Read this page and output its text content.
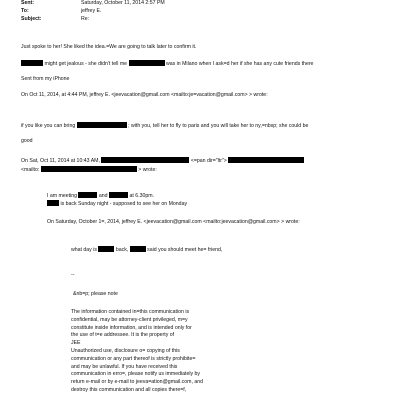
Sent:	Saturday, October 11, 2014 2:57 PM
To:	jeffrey E.
Subject:	Re:
Just spoke to her! She liked the idea.=We are going to talk later to confirm it.
might get jealous - she didn't tell me	was in Milano when I ask=d her if she has any cute friends there
Sent from my iPhone
On Oct 11, 2014, at 4:44 PM, jeffrey E. <jeevacation@gmail.com <mailto:je=vacation@gmail.com> > wrote:
if you like you can bring	; with you, tell her to fly to paris and you will take her to ny,=nbsp; she could be
good
On Sat, Oct 11, 2014 at 10:43 AM,	<=pan dir="ltr">
<mailto:	> wrote:
I am meeting	and	at 6.30pm.
is back Sunday night - supposed to see her on Monday
On Saturday, October 1=, 2014, jeffrey E. <jeevacation@gmail.com <mailto:jeevacation@gmail.com> > wrote:
what day is	back,	said you should meet he= friend,
--
&nb=p; please note
The information contained in=this communication is
confidential, may be attorney-client privileged, m=y
constitute inside information, and is intended only for
the use of t=e addressee. It is the property of
JEE
Unauthorized use, disclosure o= copying of this
communication or any part thereof is strictly prohibite=
and may be unlawful. If you have received this
communication in erro=, please notify us immediately by
return e-mail or by e-mail to jeeva=ation@gmail.com, and
destroy this communication and all copies there=f,
